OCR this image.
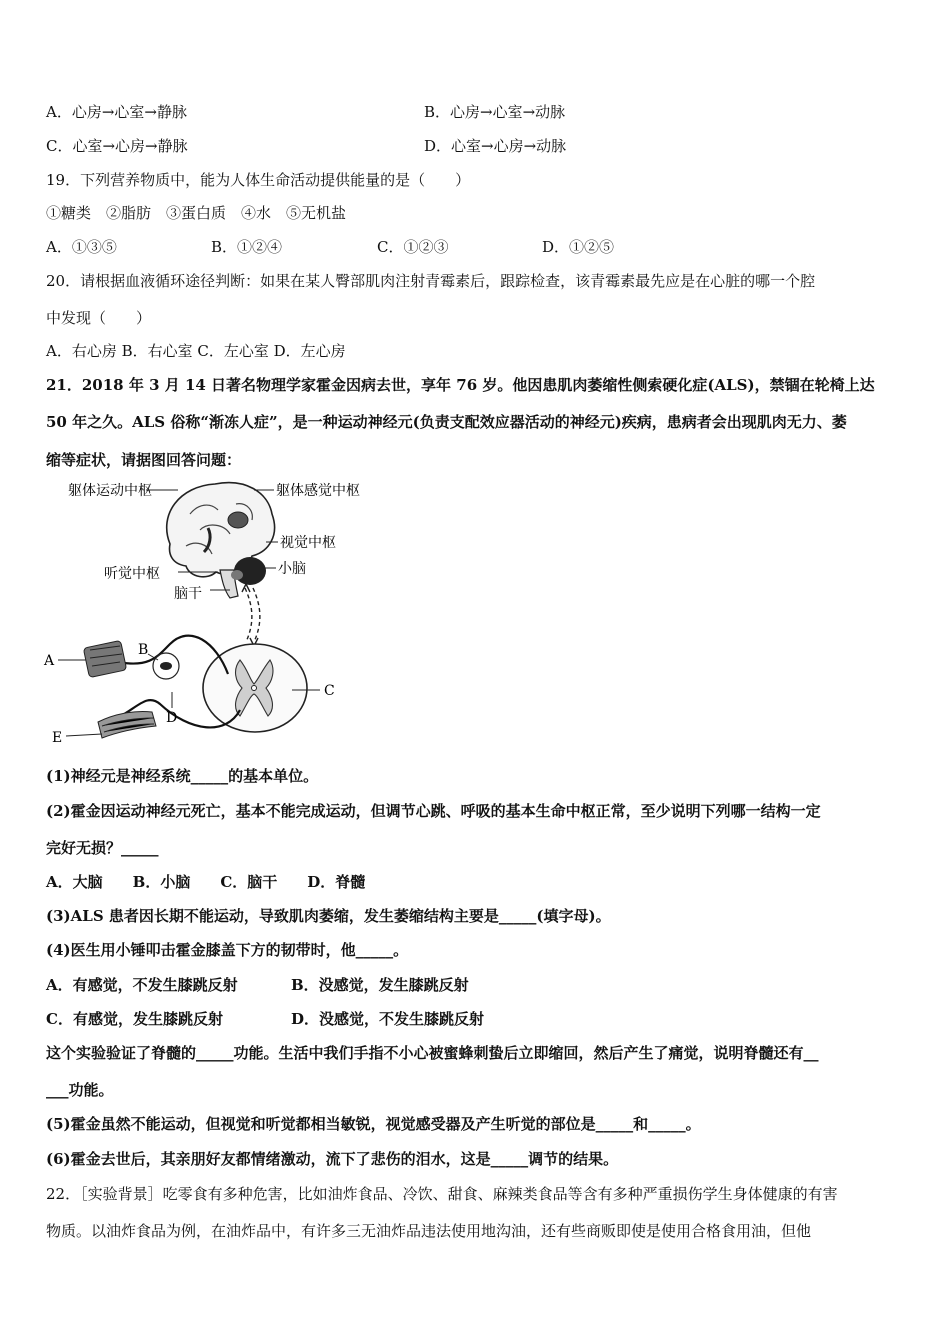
A．心房→心室→静脉	B．心房→心室→动脉
C．心室→心房→静脉	D．心室→心房→动脉
19．下列营养物质中，能为人体生命活动提供能量的是（　　）
①糖类　②脂肪　③蛋白质　④水　⑤无机盐
A．①③⑤	B．①②④	C．①②③	D．①②⑤
20．请根据血液循环途径判断：如果在某人臀部肌肉注射青霉素后，跟踪检查，该青霉素最先应是在心脏的哪一个腔
中发现（　　）
A．右心房 B．右心室 C．左心室 D．左心房
21．2018 年 3 月 14 日著名物理学家霍金因病去世，享年 76 岁。他因患肌肉萎缩性侧索硬化症(ALS)，禁锢在轮椅上达
50 年之久。ALS 俗称“渐冻人症”，是一种运动神经元(负责支配效应器活动的神经元)疾病，患病者会出现肌肉无力、萎
缩等症状，请据图回答问题：
躯体运动中枢	躯体感觉中枢
视觉中枢
听觉中枢	小脑
脑干
A
B
C
D
E
(1)神经元是神经系统_____的基本单位。
(2)霍金因运动神经元死亡，基本不能完成运动，但调节心跳、呼吸的基本生命中枢正常，至少说明下列哪一结构一定
完好无损？_____
A．大脑　　B．小脑　　C．脑干　　D．脊髓
(3)ALS 患者因长期不能运动，导致肌肉萎缩，发生萎缩结构主要是_____(填字母)。
(4)医生用小锤叩击霍金膝盖下方的韧带时，他_____。
A．有感觉，不发生膝跳反射	B．没感觉，发生膝跳反射
C．有感觉，发生膝跳反射	D．没感觉，不发生膝跳反射
这个实验验证了脊髓的_____功能。生活中我们手指不小心被蜜蜂刺蛰后立即缩回，然后产生了痛觉，说明脊髓还有__
___功能。
(5)霍金虽然不能运动，但视觉和听觉都相当敏锐，视觉感受器及产生听觉的部位是_____和_____。
(6)霍金去世后，其亲朋好友都情绪激动，流下了悲伤的泪水，这是_____调节的结果。
22．［实验背景］吃零食有多种危害，比如油炸食品、冷饮、甜食、麻辣类食品等含有多种严重损伤学生身体健康的有害
物质。以油炸食品为例，在油炸品中，有许多三无油炸品违法使用地沟油，还有些商贩即使是使用合格食用油，但他
